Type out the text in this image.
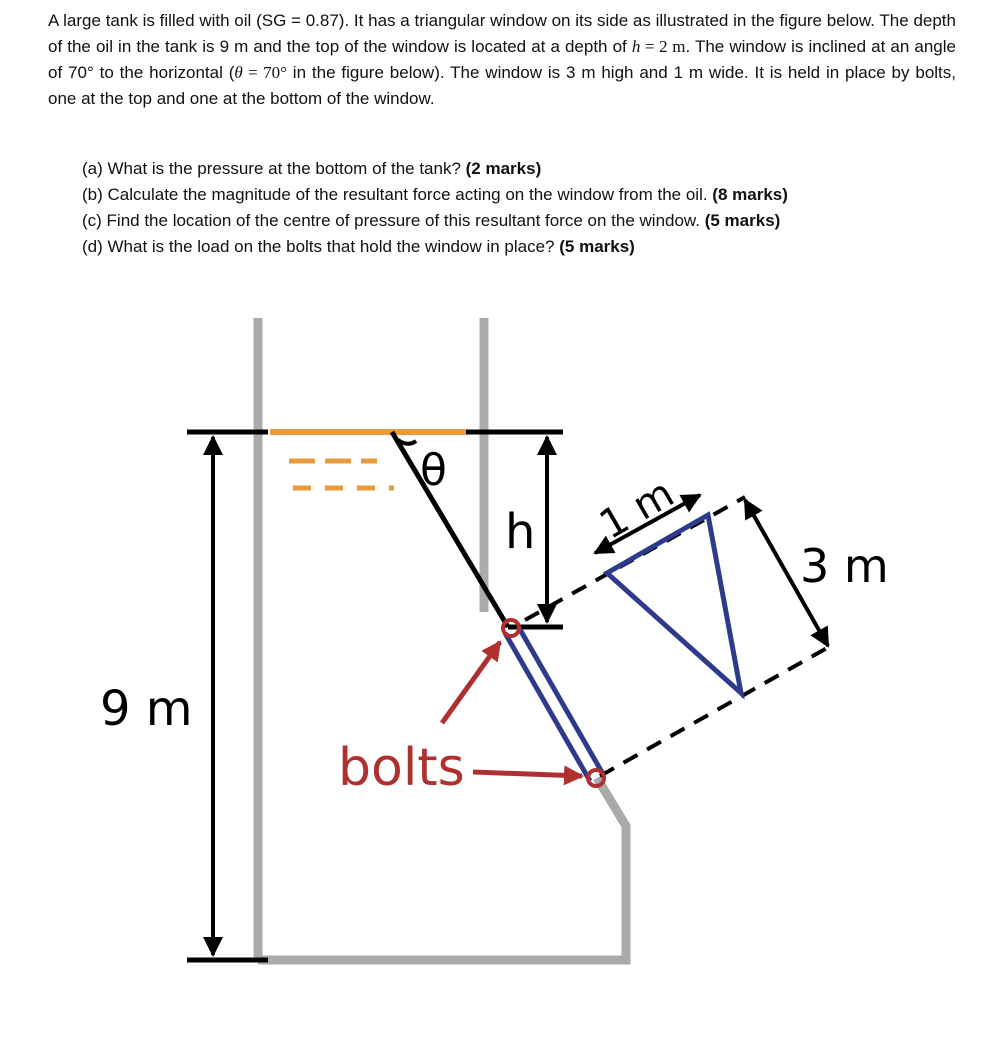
A large tank is filled with oil (SG = 0.87). It has a triangular window on its side as illustrated in the figure below. The depth of the oil in the tank is 9 m and the top of the window is located at a depth of h = 2 m. The window is inclined at an angle of 70° to the horizontal (θ = 70° in the figure below). The window is 3 m high and 1 m wide. It is held in place by bolts, one at the top and one at the bottom of the window.
(a) What is the pressure at the bottom of the tank? (2 marks)
(b) Calculate the magnitude of the resultant force acting on the window from the oil. (8 marks)
(c) Find the location of the centre of pressure of this resultant force on the window. (5 marks)
(d) What is the load on the bolts that hold the window in place? (5 marks)
9 m
h
θ	1 m
3 m
bolts
